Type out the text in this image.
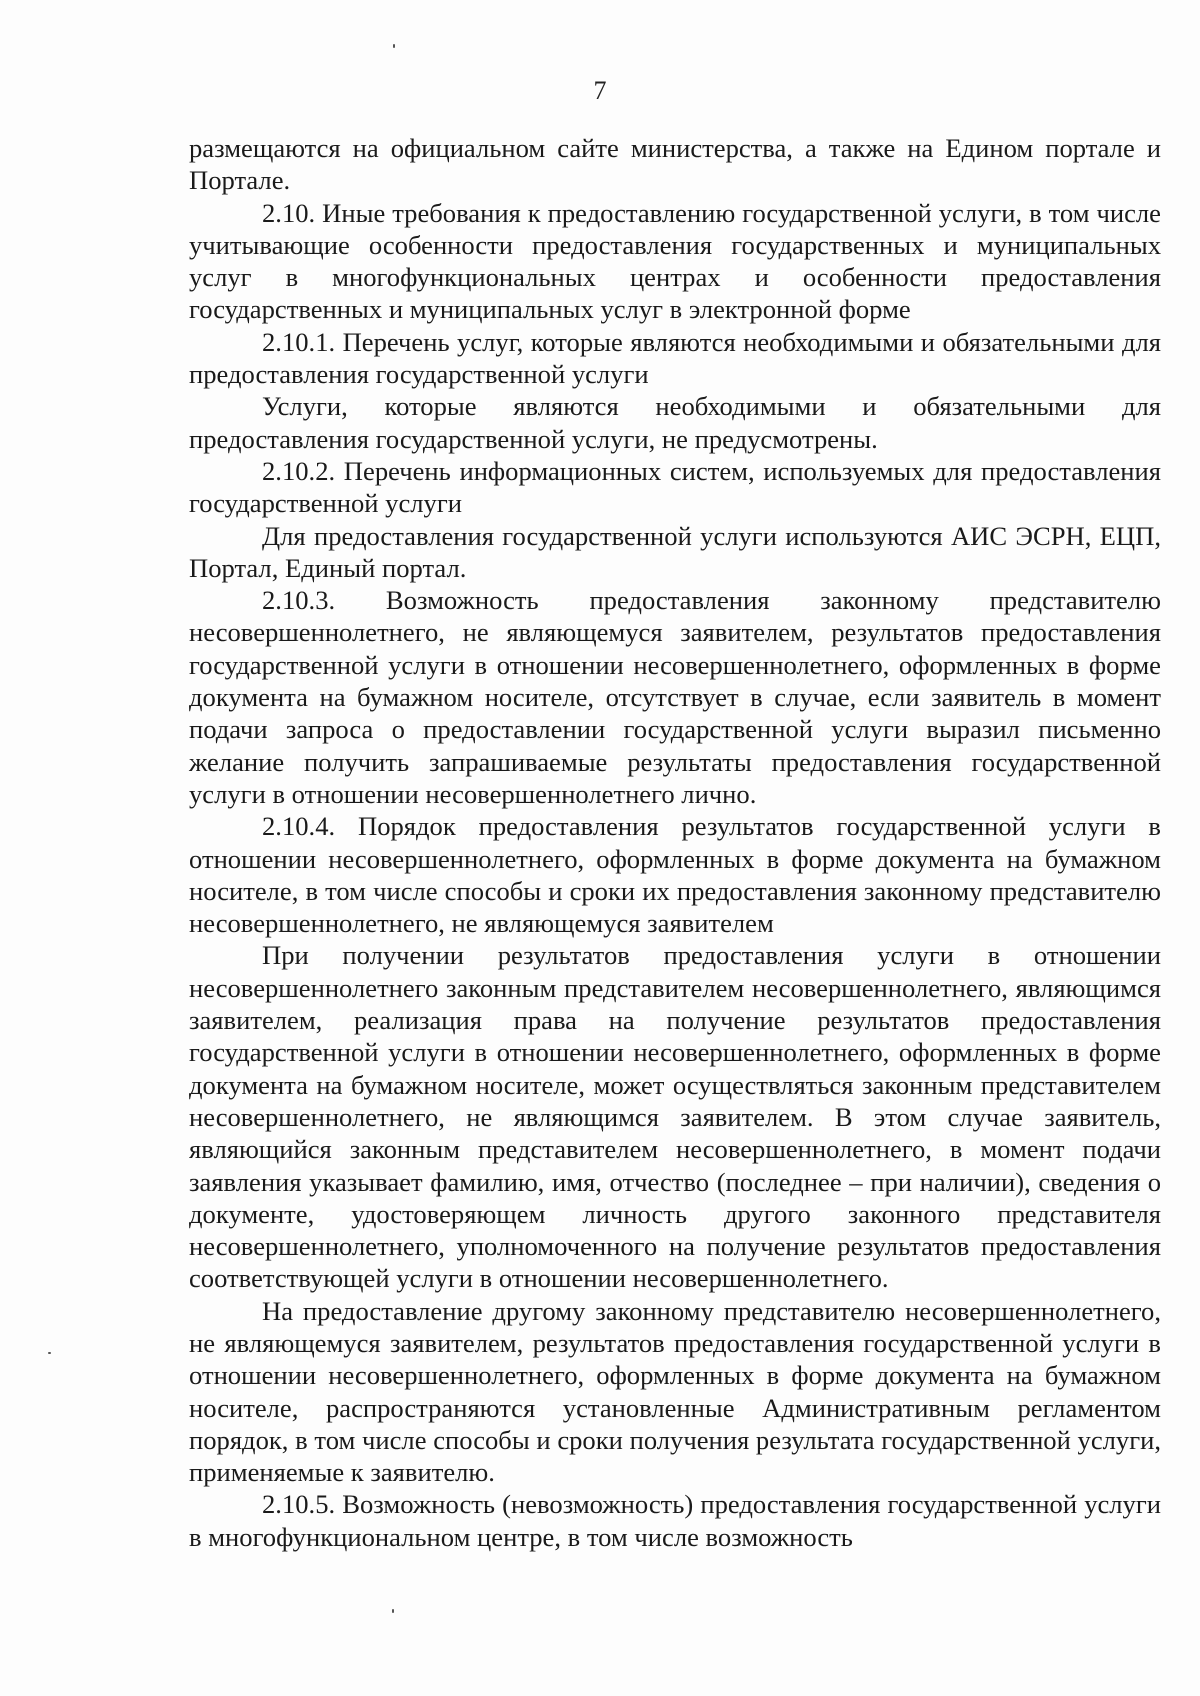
7

размещаются на официальном сайте министерства, а также на Едином портале и Портале.

2.10. Иные требования к предоставлению государственной услуги, в том числе учитывающие особенности предоставления государственных и муниципальных услуг в многофункциональных центрах и особенности предоставления государственных и муниципальных услуг в электронной форме

2.10.1. Перечень услуг, которые являются необходимыми и обязательными для предоставления государственной услуги

Услуги, которые являются необходимыми и обязательными для предоставления государственной услуги, не предусмотрены.

2.10.2. Перечень информационных систем, используемых для предоставления государственной услуги

Для предоставления государственной услуги используются АИС ЭСРН, ЕЦП, Портал, Единый портал.

2.10.3. Возможность предоставления законному представителю несовершеннолетнего, не являющемуся заявителем, результатов предоставления государственной услуги в отношении несовершеннолетнего, оформленных в форме документа на бумажном носителе, отсутствует в случае, если заявитель в момент подачи запроса о предоставлении государственной услуги выразил письменно желание получить запрашиваемые результаты предоставления государственной услуги в отношении несовершеннолетнего лично.

2.10.4. Порядок предоставления результатов государственной услуги в отношении несовершеннолетнего, оформленных в форме документа на бумажном носителе, в том числе способы и сроки их предоставления законному представителю несовершеннолетнего, не являющемуся заявителем

При получении результатов предоставления услуги в отношении несовершеннолетнего законным представителем несовершеннолетнего, являющимся заявителем, реализация права на получение результатов предоставления государственной услуги в отношении несовершеннолетнего, оформленных в форме документа на бумажном носителе, может осуществляться законным представителем несовершеннолетнего, не являющимся заявителем. В этом случае заявитель, являющийся законным представителем несовершеннолетнего, в момент подачи заявления указывает фамилию, имя, отчество (последнее – при наличии), сведения о документе, удостоверяющем личность другого законного представителя несовершеннолетнего, уполномоченного на получение результатов предоставления соответствующей услуги в отношении несовершеннолетнего.

На предоставление другому законному представителю несовершеннолетнего, не являющемуся заявителем, результатов предоставления государственной услуги в отношении несовершеннолетнего, оформленных в форме документа на бумажном носителе, распространяются установленные Административным регламентом порядок, в том числе способы и сроки получения результата государственной услуги, применяемые к заявителю.

2.10.5. Возможность (невозможность) предоставления государственной услуги в многофункциональном центре, в том числе возможность
